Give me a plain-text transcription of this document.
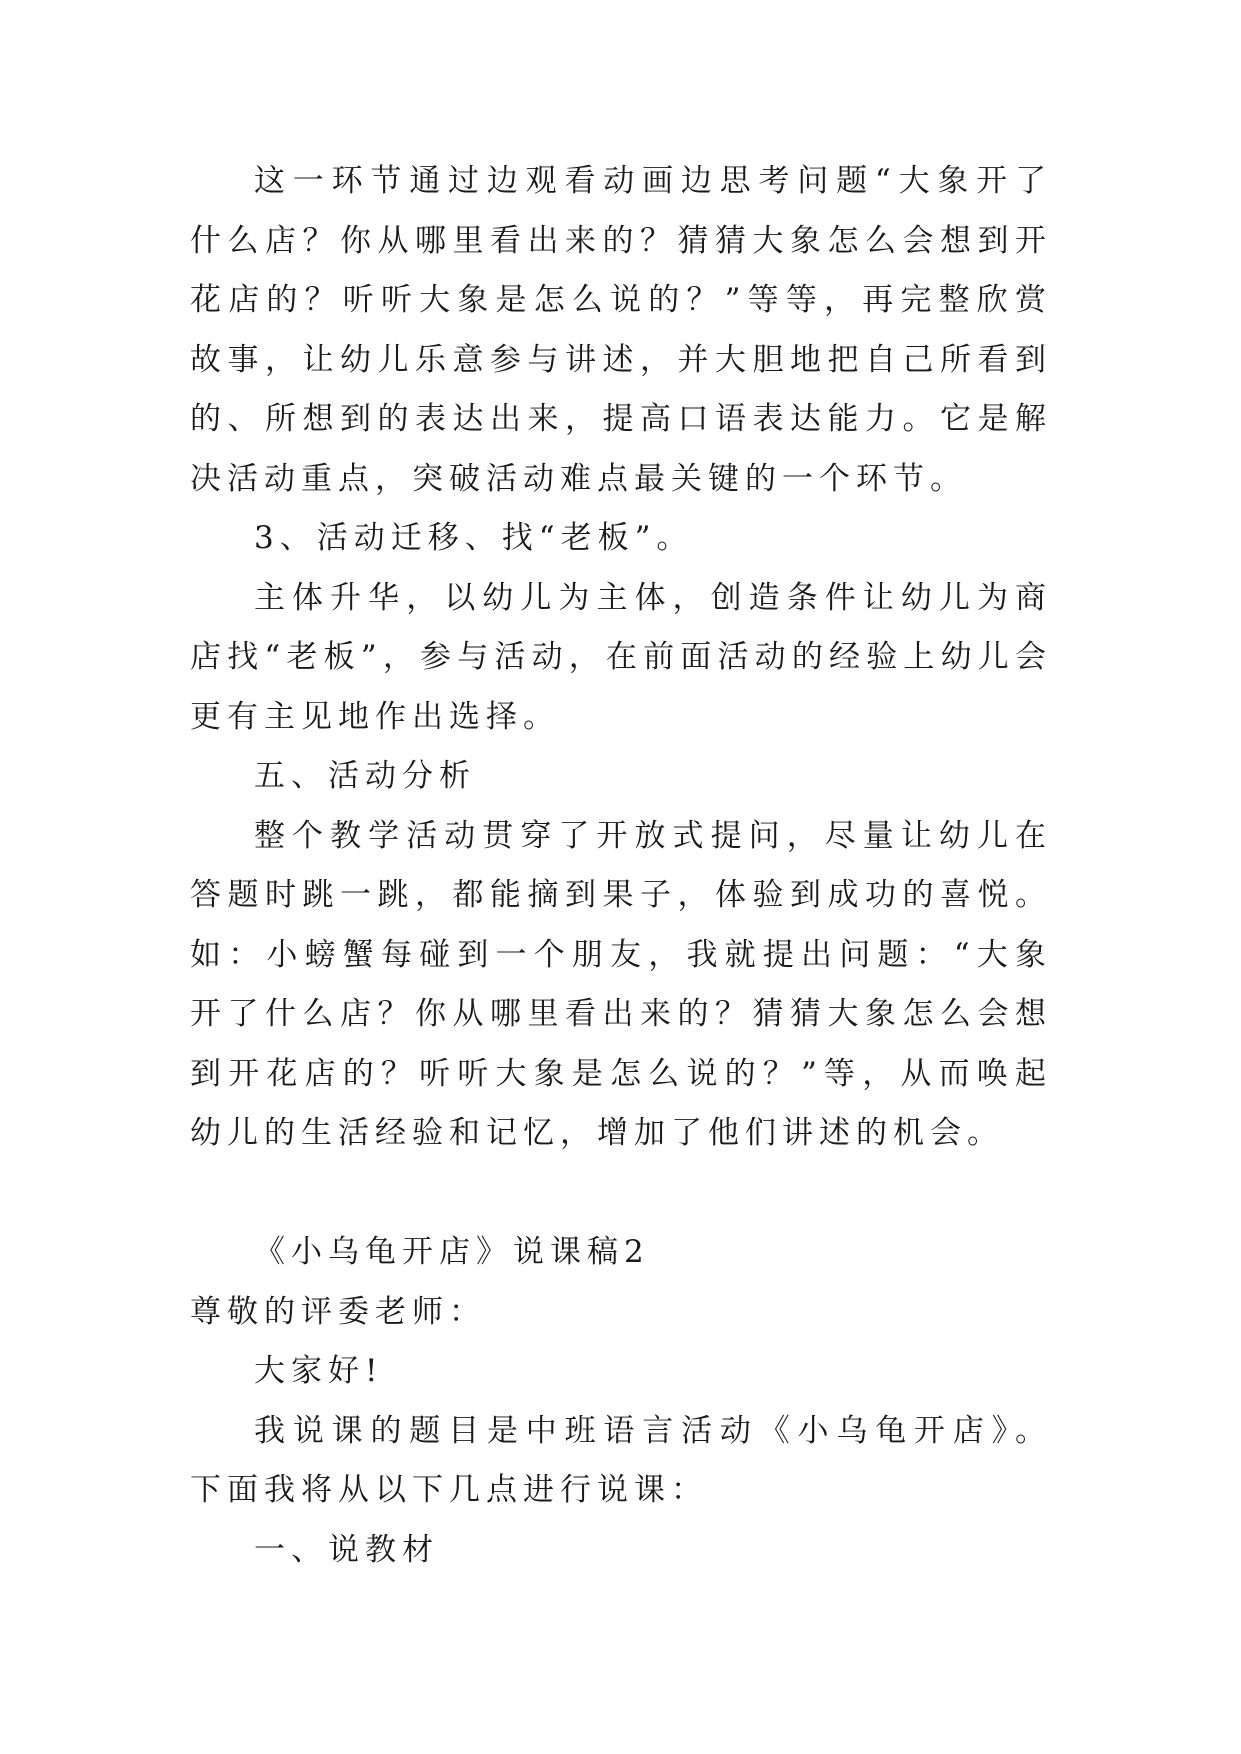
这一环节通过边观看动画边思考问题“大象开了什么店？你从哪里看出来的？猜猜大象怎么会想到开花店的？听听大象是怎么说的？”等等，再完整欣赏故事，让幼儿乐意参与讲述，并大胆地把自己所看到的、所想到的表达出来，提高口语表达能力。它是解决活动重点，突破活动难点最关键的一个环节。

3、活动迁移、找“老板”。

主体升华，以幼儿为主体，创造条件让幼儿为商店找“老板”，参与活动，在前面活动的经验上幼儿会更有主见地作出选择。

五、活动分析

整个教学活动贯穿了开放式提问，尽量让幼儿在答题时跳一跳，都能摘到果子，体验到成功的喜悦。如：小螃蟹每碰到一个朋友，我就提出问题：“大象开了什么店？你从哪里看出来的？猜猜大象怎么会想到开花店的？听听大象是怎么说的？”等，从而唤起幼儿的生活经验和记忆，增加了他们讲述的机会。

《小乌龟开店》说课稿2

尊敬的评委老师：

大家好!

我说课的题目是中班语言活动《小乌龟开店》。下面我将从以下几点进行说课：

一、说教材
